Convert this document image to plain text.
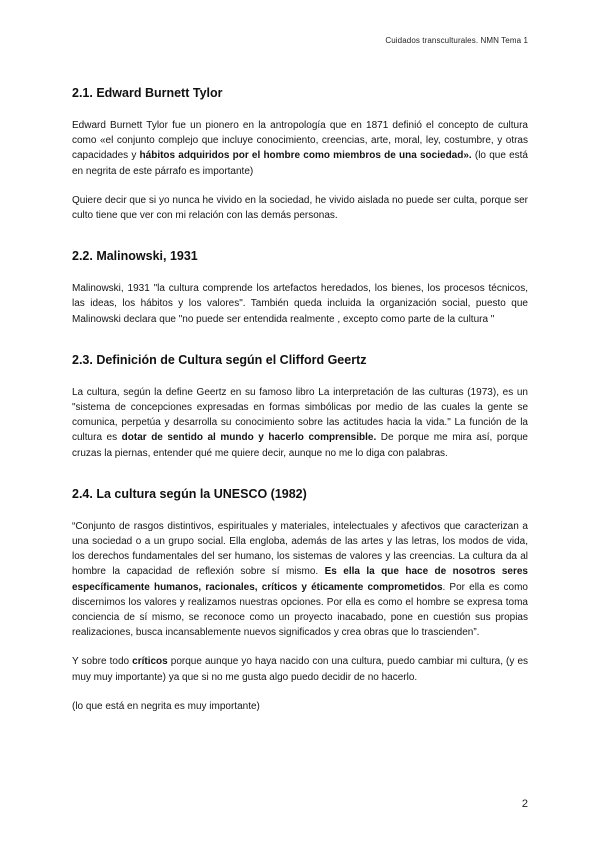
Cuidados transculturales. NMN Tema 1
2.1. Edward Burnett Tylor

Edward Burnett Tylor fue un pionero en la antropología que en 1871 definió el concepto de cultura como «el conjunto complejo que incluye conocimiento, creencias, arte, moral, ley, costumbre, y otras capacidades y hábitos adquiridos por el hombre como miembros de una sociedad». (lo que está en negrita de este párrafo es importante)

Quiere decir que si yo nunca he vivido en la sociedad, he vivido aislada no puede ser culta, porque ser culto tiene que ver con mi relación con las demás personas.

2.2. Malinowski, 1931

Malinowski, 1931 "la cultura comprende los artefactos heredados, los bienes, los procesos técnicos, las ideas, los hábitos y los valores". También queda incluida la organización social, puesto que Malinowski declara que "no puede ser entendida realmente , excepto como parte de la cultura "

2.3. Definición de Cultura según el Clifford Geertz

La cultura, según la define Geertz en su famoso libro La interpretación de las culturas (1973), es un "sistema de concepciones expresadas en formas simbólicas por medio de las cuales la gente se comunica, perpetúa y desarrolla su conocimiento sobre las actitudes hacia la vida." La función de la cultura es dotar de sentido al mundo y hacerlo comprensible. De porque me mira así, porque cruzas la piernas, entender qué me quiere decir, aunque no me lo diga con palabras.

2.4. La cultura según la UNESCO (1982)

“Conjunto de rasgos distintivos, espirituales y materiales, intelectuales y afectivos que caracterizan a una sociedad o a un grupo social. Ella engloba, además de las artes y las letras, los modos de vida, los derechos fundamentales del ser humano, los sistemas de valores y las creencias. La cultura da al hombre la capacidad de reflexión sobre sí mismo. Es ella la que hace de nosotros seres específicamente humanos, racionales, críticos y éticamente comprometidos. Por ella es como discernimos los valores y realizamos nuestras opciones. Por ella es como el hombre se expresa toma conciencia de sí mismo, se reconoce como un proyecto inacabado, pone en cuestión sus propias realizaciones, busca incansablemente nuevos significados y crea obras que lo trascienden”.

Y sobre todo críticos porque aunque yo haya nacido con una cultura, puedo cambiar mi cultura, (y es muy muy importante) ya que si no me gusta algo puedo decidir de no hacerlo.

(lo que está en negrita es muy importante)

2
